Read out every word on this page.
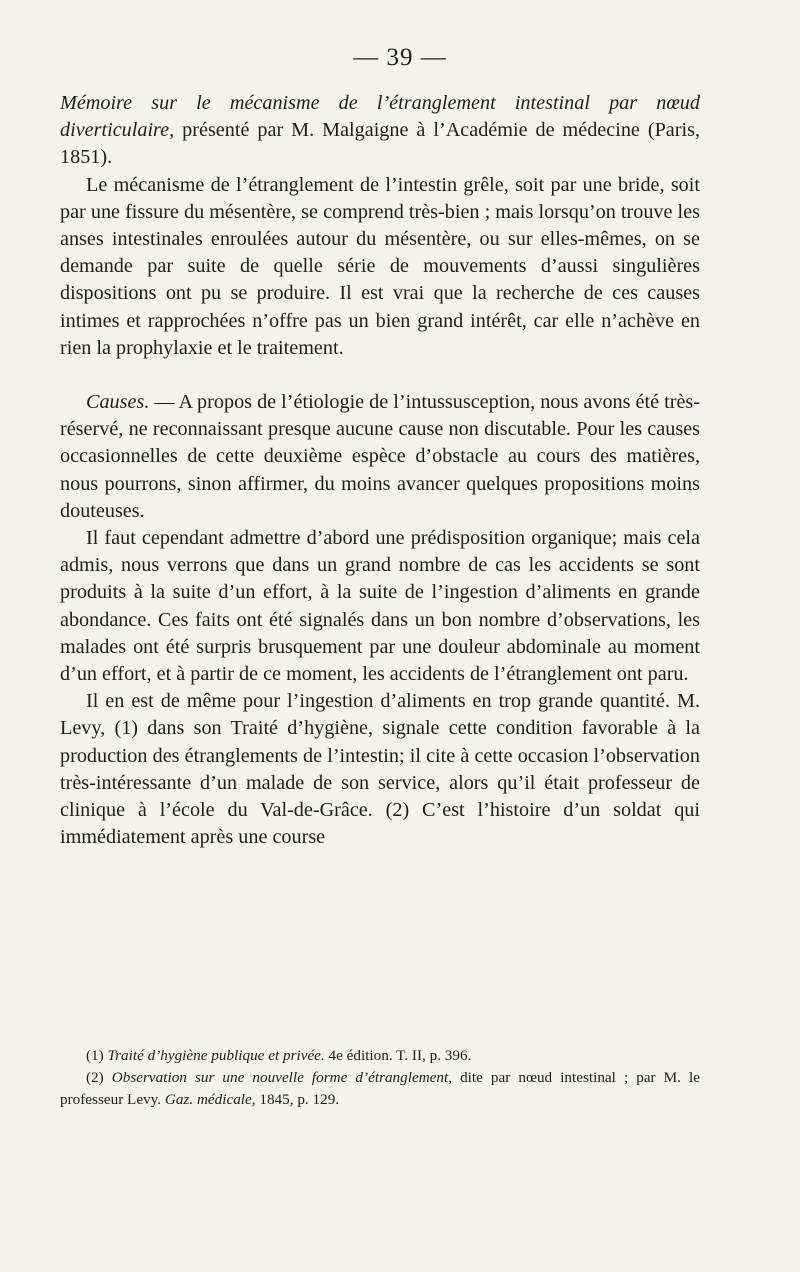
— 39 —

Mémoire sur le mécanisme de l’étranglement intestinal par nœud diverticulaire, présenté par M. Malgaigne à l’Académie de médecine (Paris, 1851).

Le mécanisme de l’étranglement de l’intestin grêle, soit par une bride, soit par une fissure du mésentère, se comprend très-bien ; mais lorsqu’on trouve les anses intestinales enroulées autour du mésentère, ou sur elles-mêmes, on se demande par suite de quelle série de mouvements d’aussi singulières dispositions ont pu se produire. Il est vrai que la recherche de ces causes intimes et rapprochées n’offre pas un bien grand intérêt, car elle n’achève en rien la prophylaxie et le traitement.

Causes. — A propos de l’étiologie de l’intussusception, nous avons été très-réservé, ne reconnaissant presque aucune cause non discutable. Pour les causes occasionnelles de cette deuxième espèce d’obstacle au cours des matières, nous pourrons, sinon affirmer, du moins avancer quelques propositions moins douteuses.

Il faut cependant admettre d’abord une prédisposition organique; mais cela admis, nous verrons que dans un grand nombre de cas les accidents se sont produits à la suite d’un effort, à la suite de l’ingestion d’aliments en grande abondance. Ces faits ont été signalés dans un bon nombre d’observations, les malades ont été surpris brusquement par une douleur abdominale au moment d’un effort, et à partir de ce moment, les accidents de l’étranglement ont paru.

Il en est de même pour l’ingestion d’aliments en trop grande quantité. M. Levy, (1) dans son Traité d’hygiène, signale cette condition favorable à la production des étranglements de l’intestin; il cite à cette occasion l’observation très-intéressante d’un malade de son service, alors qu’il était professeur de clinique à l’école du Val-de-Grâce. (2) C’est l’histoire d’un soldat qui immédiatement après une course

(1) Traité d’hygiène publique et privée. 4e édition. T. II, p. 396.

(2) Observation sur une nouvelle forme d’étranglement, dite par nœud intestinal ; par M. le professeur Levy. Gaz. médicale, 1845, p. 129.
